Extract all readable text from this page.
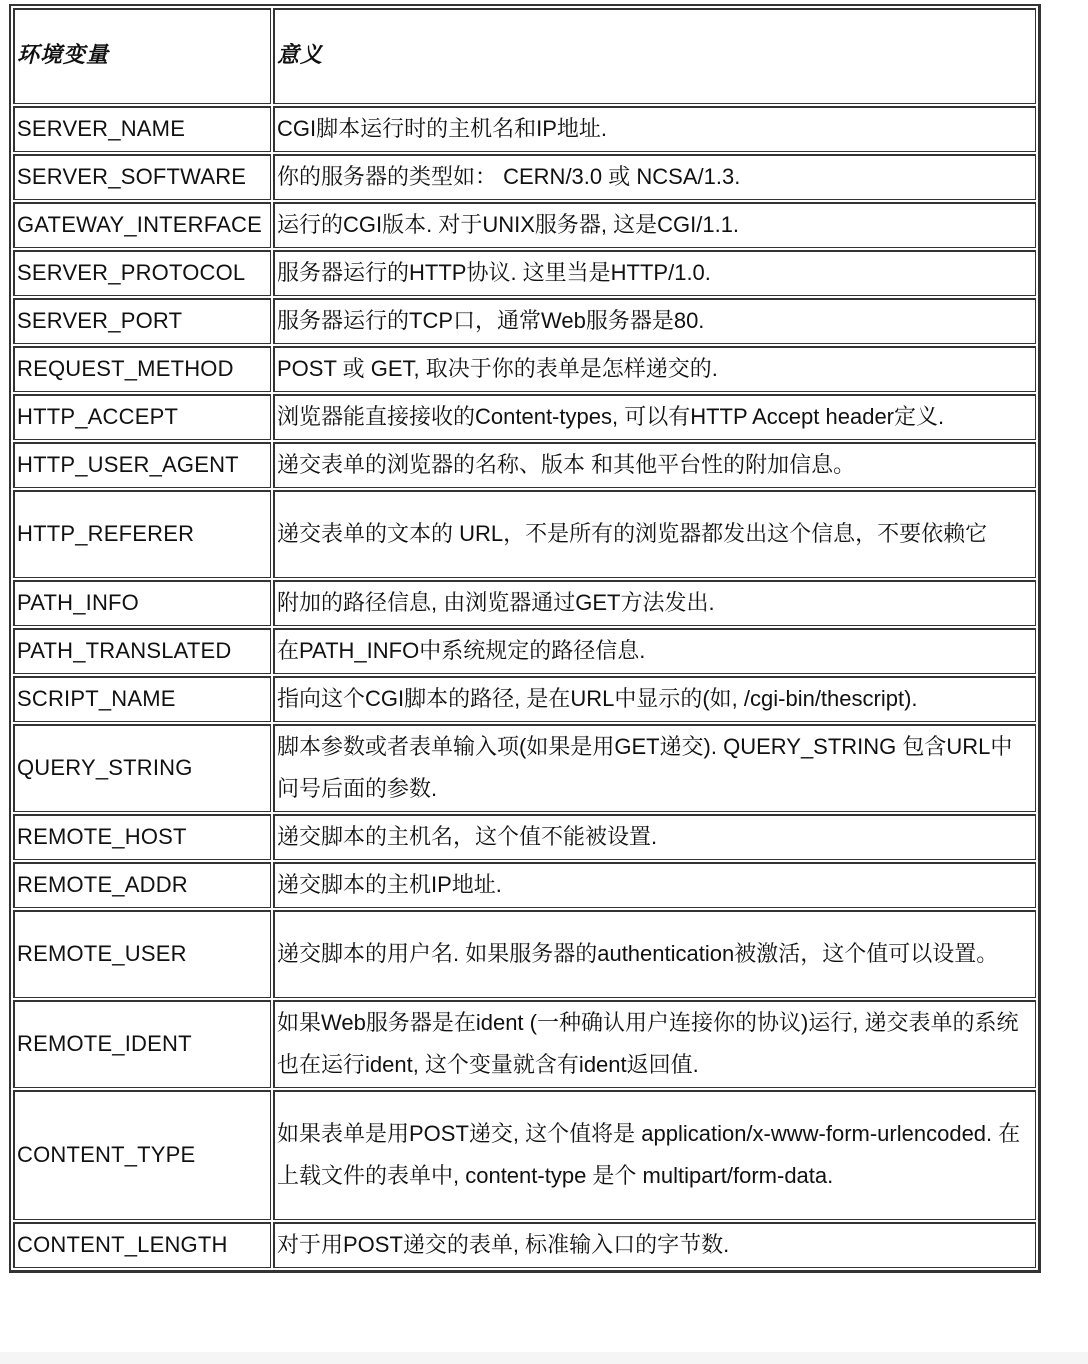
环境变量	意义
SERVER_NAME	CGI脚本运行时的主机名和IP地址.
SERVER_SOFTWARE	你的服务器的类型如： CERN/3.0 或 NCSA/1.3.
GATEWAY_INTERFACE	运行的CGI版本. 对于UNIX服务器, 这是CGI/1.1.
SERVER_PROTOCOL	服务器运行的HTTP协议. 这里当是HTTP/1.0.
SERVER_PORT	服务器运行的TCP口，通常Web服务器是80.
REQUEST_METHOD	POST 或 GET, 取决于你的表单是怎样递交的.
HTTP_ACCEPT	浏览器能直接接收的Content-types, 可以有HTTP Accept header定义.
HTTP_USER_AGENT	递交表单的浏览器的名称、版本 和其他平台性的附加信息。
HTTP_REFERER	递交表单的文本的 URL，不是所有的浏览器都发出这个信息，不要依赖它
PATH_INFO	附加的路径信息, 由浏览器通过GET方法发出.
PATH_TRANSLATED	在PATH_INFO中系统规定的路径信息.
SCRIPT_NAME	指向这个CGI脚本的路径, 是在URL中显示的(如, /cgi-bin/thescript).
QUERY_STRING	脚本参数或者表单输入项(如果是用GET递交). QUERY_STRING 包含URL中问号后面的参数.
REMOTE_HOST	递交脚本的主机名，这个值不能被设置.
REMOTE_ADDR	递交脚本的主机IP地址.
REMOTE_USER	递交脚本的用户名. 如果服务器的authentication被激活，这个值可以设置。
REMOTE_IDENT	如果Web服务器是在ident (一种确认用户连接你的协议)运行, 递交表单的系统也在运行ident, 这个变量就含有ident返回值.
CONTENT_TYPE	如果表单是用POST递交, 这个值将是 application/x-www-form-urlencoded. 在上载文件的表单中, content-type 是个 multipart/form-data.
CONTENT_LENGTH	对于用POST递交的表单, 标准输入口的字节数.
